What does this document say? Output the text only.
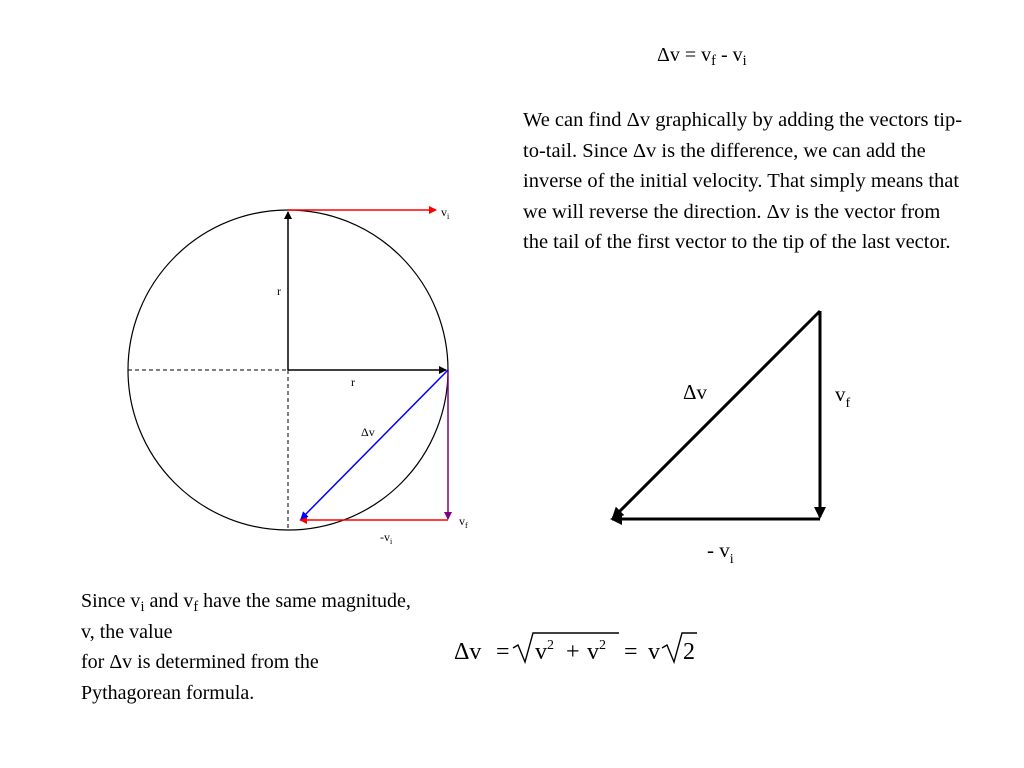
$\Delta v = v_f - v_i$
We can find Δv graphically by adding the vectors tip-to-tail. Since Δv is the difference, we can add the inverse of the initial velocity. That simply means that we will reverse the direction. Δv is the vector from the tail of the first vector to the tip of the last vector.
$v_i$
r
r
Δv
$v_f$
$-v_i$
Δv	$v_f$
- $v_i$
$\Delta v = v^2 + v^2 = v$ 2
Since $v_i$ and $v_f$ have the same magnitude, v, the value
for Δv is determined from the Pythagorean formula.
